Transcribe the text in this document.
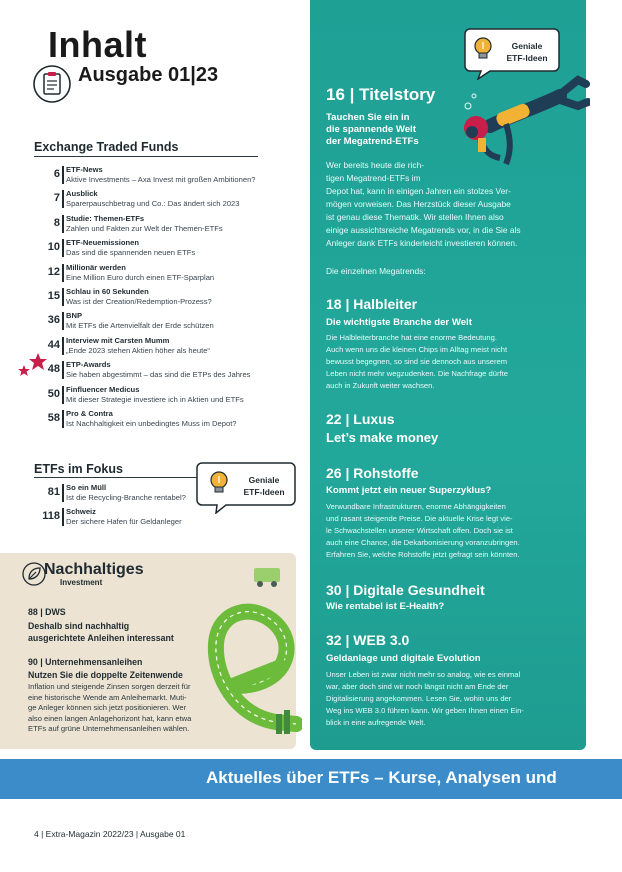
Inhalt
Ausgabe 01|23
Exchange Traded Funds
6 ETF-News
Aktive Investments – Axa Invest mit großen Ambitionen?
7 Ausblick
Sparerpauschbetrag und Co.: Das ändert sich 2023
8 Studie: Themen-ETFs
Zahlen und Fakten zur Welt der Themen-ETFs
10 ETF-Neuemissionen
Das sind die spannenden neuen ETFs
12 Millionär werden
Eine Million Euro durch einen ETF-Sparplan
15 Schlau in 60 Sekunden
Was ist der Creation/Redemption-Prozess?
36 BNP
Mit ETFs die Artenvielfalt der Erde schützen
44 Interview mit Carsten Mumm
„Ende 2023 stehen Aktien höher als heute“
48 ETP-Awards
Sie haben abgestimmt – das sind die ETPs des Jahres
50 Finfluencer Medicus
Mit dieser Strategie investiere ich in Aktien und ETFs
58 Pro & Contra
Ist Nachhaltigkeit ein unbedingtes Muss im Depot?
ETFs im Fokus
81 So ein Müll
Ist die Recycling-Branche rentabel?
118 Schweiz
Der sichere Hafen für Geldanleger
Geniale
ETF-Ideen
Nachhaltiges
Investment
88 | DWS
Deshalb sind nachhaltig
ausgerichtete Anleihen interessant
90 | Unternehmensanleihen
Nutzen Sie die doppelte Zeitenwende
Inflation und steigende Zinsen sorgen derzeit für
eine historische Wende am Anleihemarkt. Muti-
ge Anleger können sich jetzt positionieren. Wer
also einen langen Anlagehorizont hat, kann etwa
ETFs auf grüne Unternehmensanleihen wählen.
Geniale
ETF-Ideen
16 | Titelstory
Tauchen Sie ein in
die spannende Welt
der Megatrend-ETFs
Wer bereits heute die rich-
tigen Megatrend-ETFs im
Depot hat, kann in einigen Jahren ein stolzes Ver-
mögen vorweisen. Das Herzstück dieser Ausgabe
ist genau diese Thematik. Wir stellen Ihnen also
einige aussichtsreiche Megatrends vor, in die Sie als
Anleger dank ETFs kinderleicht investieren können.
Die einzelnen Megatrends:
18 | Halbleiter
Die wichtigste Branche der Welt
Die Halbleiterbranche hat eine enorme Bedeutung.
Auch wenn uns die kleinen Chips im Alltag meist nicht
bewusst begegnen, so sind sie dennoch aus unserem
Leben nicht mehr wegzudenken. Die Nachfrage dürfte
auch in Zukunft weiter wachsen.
22 | Luxus
Let’s make money
26 | Rohstoffe
Kommt jetzt ein neuer Superzyklus?
Verwundbare Infrastrukturen, enorme Abhängigkeiten
und rasant steigende Preise. Die aktuelle Krise legt vie-
le Schwachstellen unserer Wirtschaft offen. Doch sie ist
auch eine Chance, die Dekarbonisierung voranzubringen.
Erfahren Sie, welche Rohstoffe jetzt gefragt sein könnten.
30 | Digitale Gesundheit
Wie rentabel ist E-Health?
32 | WEB 3.0
Geldanlage und digitale Evolution
Unser Leben ist zwar nicht mehr so analog, wie es einmal
war, aber doch sind wir noch längst nicht am Ende der
Digitalisierung angekommen. Lesen Sie, wohin uns der
Weg ins WEB 3.0 führen kann. Wir geben Ihnen einen Ein-
blick in eine aufregende Welt.
Aktuelles über ETFs – Kurse, Analysen und
4 | Extra-Magazin 2022/23 | Ausgabe 01
